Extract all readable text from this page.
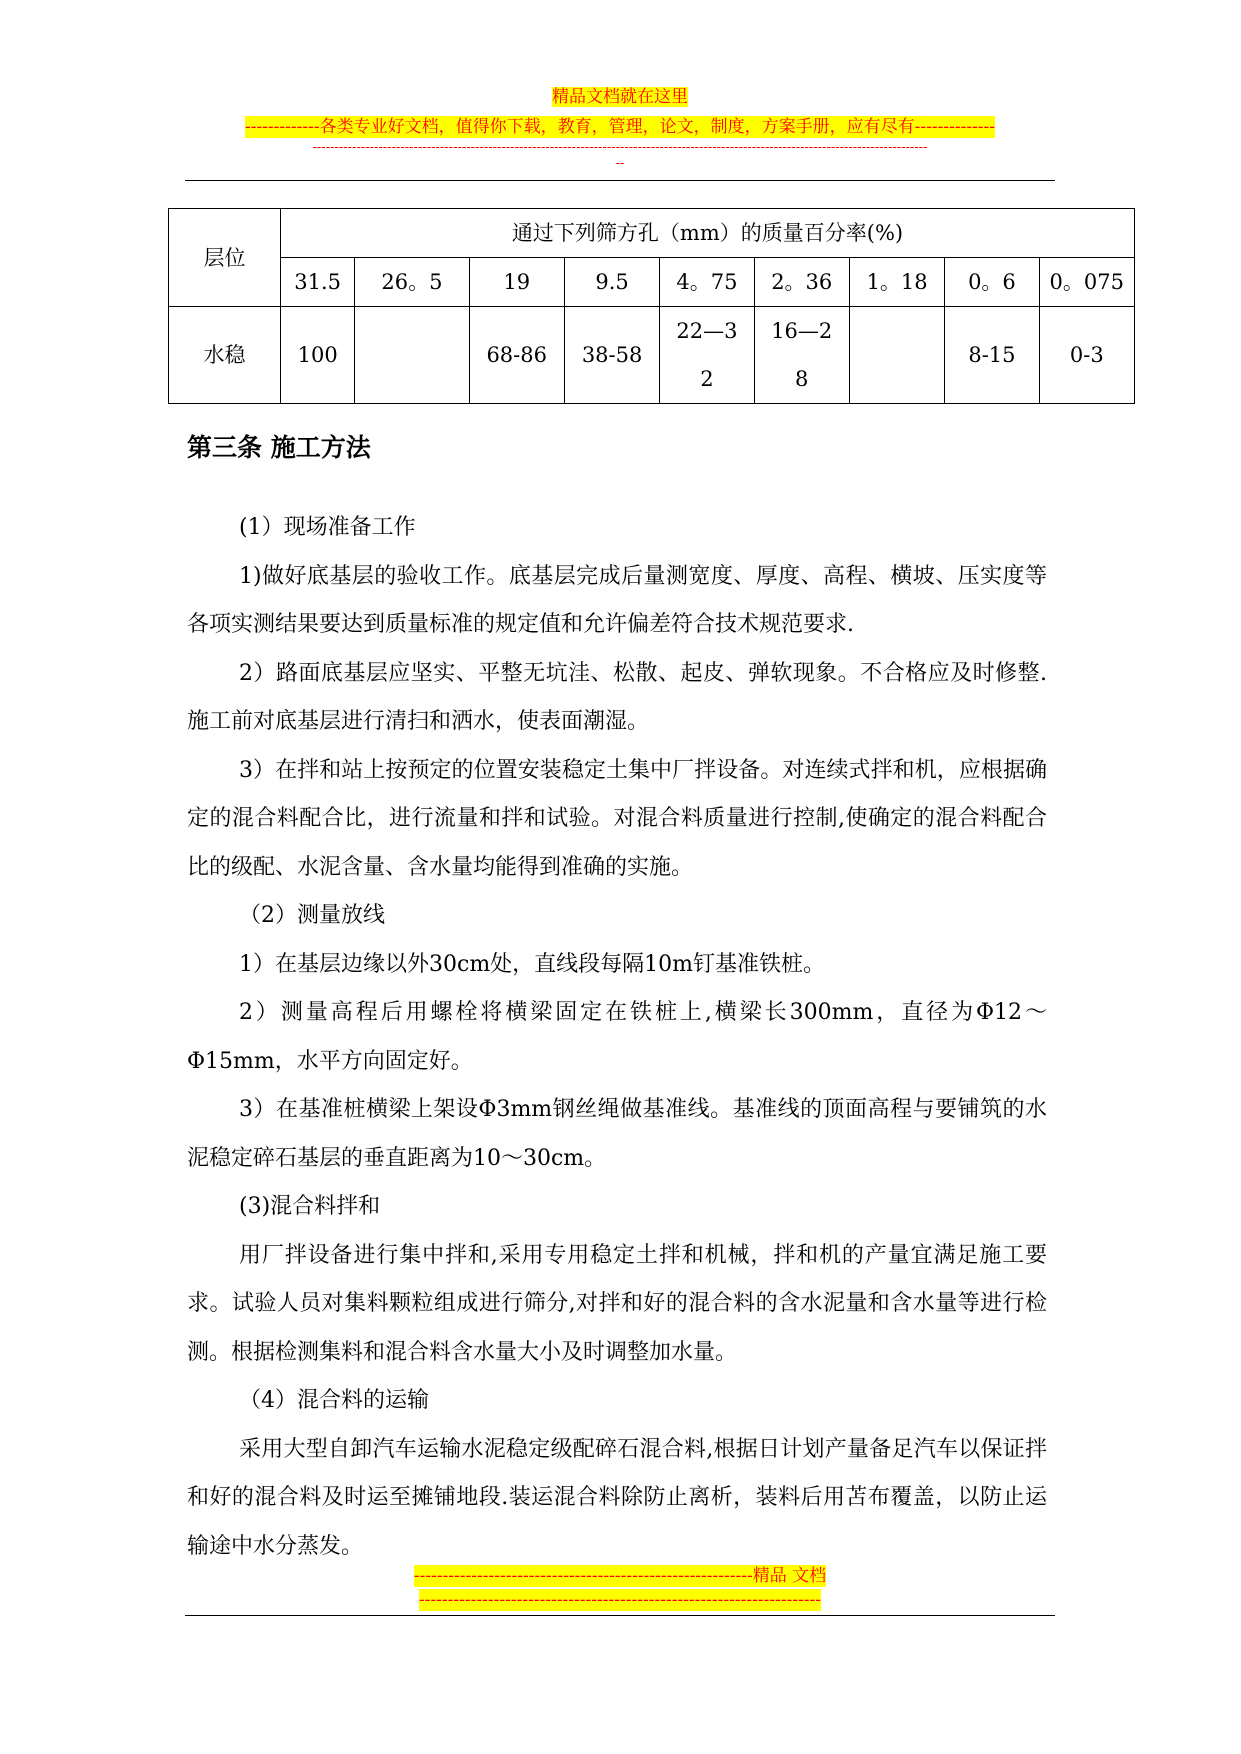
精品文档就在这里
-------------各类专业好文档，值得你下载，教育，管理，论文，制度，方案手册，应有尽有--------------
--------------------------------------------------------------------------------------------------------------------------------------------
--
层位	通过下列筛方孔（mm）的质量百分率(%)								
	31.5	26。5	19	9.5	4。75	2。36	1。18	0。6	0。075
水稳	100		68-86	38-58	22—32	16—28		8-15	0-3
第三条 施工方法
(1）现场准备工作
1)做好底基层的验收工作。底基层完成后量测宽度、厚度、高程、横坡、压实度等各项实测结果要达到质量标准的规定值和允许偏差符合技术规范要求.
2）路面底基层应坚实、平整无坑洼、松散、起皮、弹软现象。不合格应及时修整.施工前对底基层进行清扫和洒水，使表面潮湿。
3）在拌和站上按预定的位置安装稳定土集中厂拌设备。对连续式拌和机，应根据确定的混合料配合比，进行流量和拌和试验。对混合料质量进行控制,使确定的混合料配合比的级配、水泥含量、含水量均能得到准确的实施。
（2）测量放线
1）在基层边缘以外30cm处，直线段每隔10m钉基准铁桩。
2）测量高程后用螺栓将横梁固定在铁桩上,横梁长300mm，直径为Φ12～Φ15mm，水平方向固定好。
3）在基准桩横梁上架设Φ3mm钢丝绳做基准线。基准线的顶面高程与要铺筑的水泥稳定碎石基层的垂直距离为10～30cm。
(3)混合料拌和
用厂拌设备进行集中拌和,采用专用稳定土拌和机械，拌和机的产量宜满足施工要求。试验人员对集料颗粒组成进行筛分,对拌和好的混合料的含水泥量和含水量等进行检测。根据检测集料和混合料含水量大小及时调整加水量。
（4）混合料的运输
采用大型自卸汽车运输水泥稳定级配碎石混合料,根据日计划产量备足汽车以保证拌和好的混合料及时运至摊铺地段.装运混合料除防止离析，装料后用苫布覆盖，以防止运输途中水分蒸发。
-----------------------------------------------------------精品 文档
----------------------------------------------------------------------
